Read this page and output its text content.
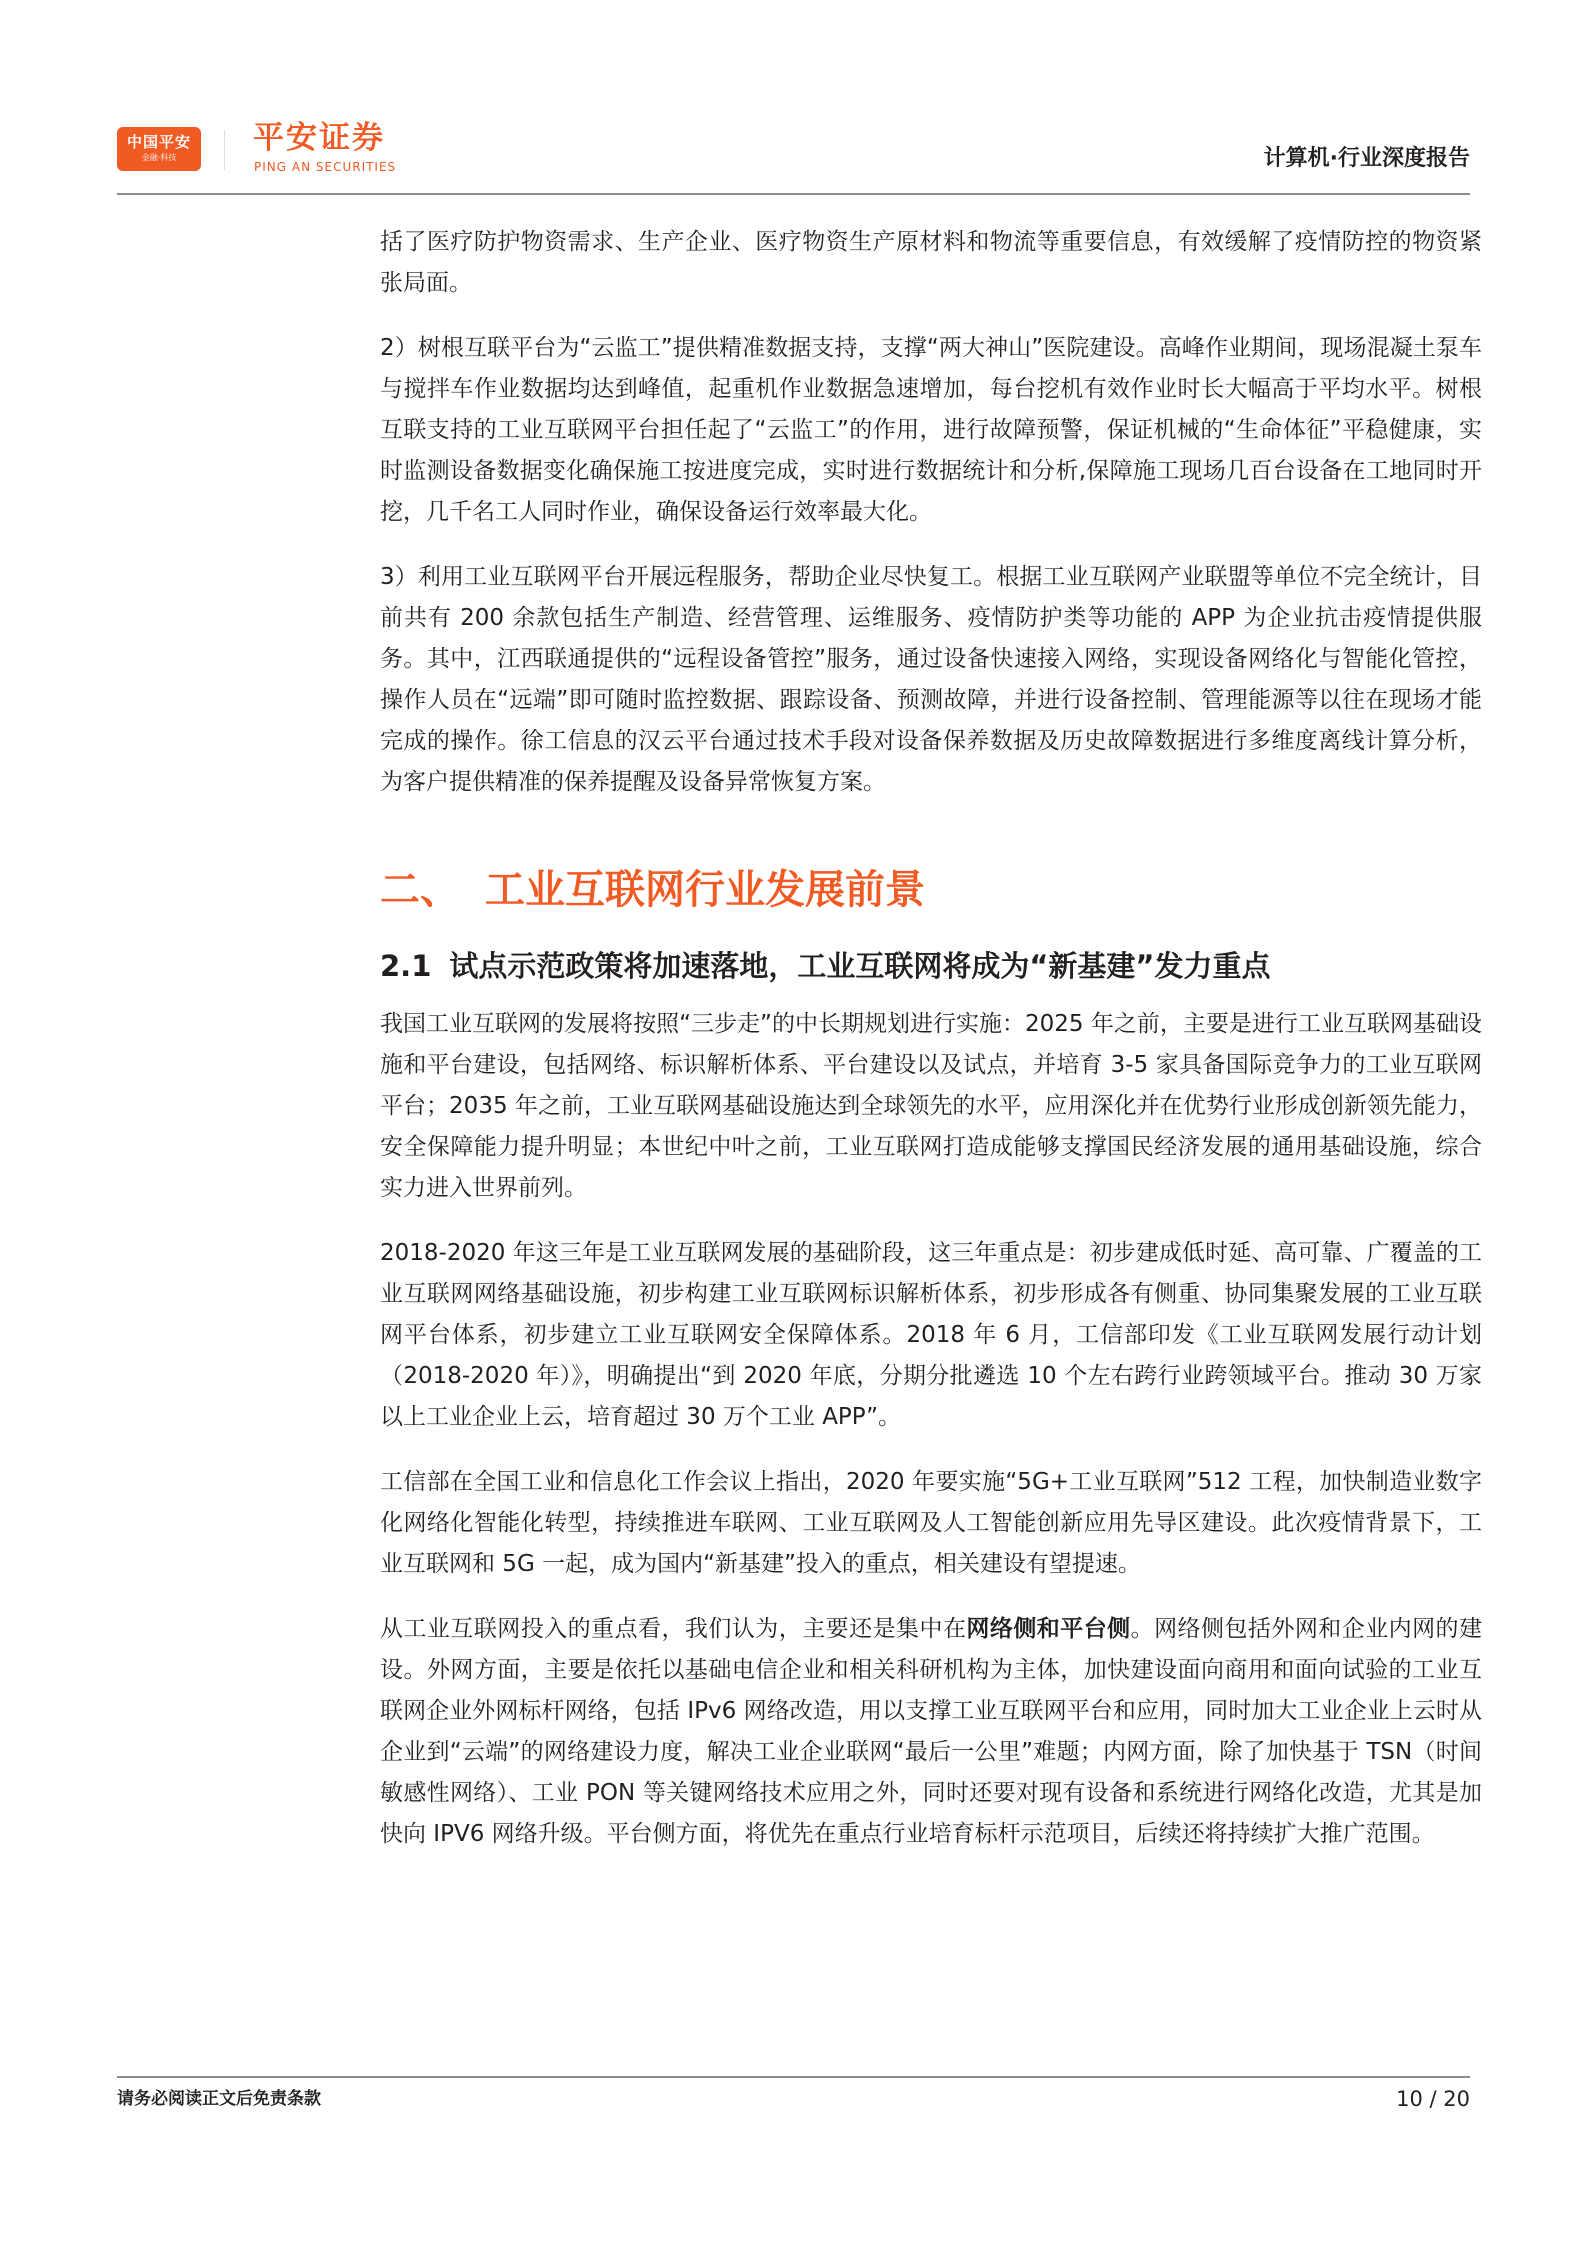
中国平安
金融·科技
平安证券
PING AN SECURITIES	计算机·行业深度报告

括了医疗防护物资需求、生产企业、医疗物资生产原材料和物流等重要信息，有效缓解了疫情防控的物资紧张局面。

2）树根互联平台为“云监工”提供精准数据支持，支撑“两大神山”医院建设。高峰作业期间，现场混凝土泵车与搅拌车作业数据均达到峰值，起重机作业数据急速增加，每台挖机有效作业时长大幅高于平均水平。树根互联支持的工业互联网平台担任起了“云监工”的作用，进行故障预警，保证机械的“生命体征”平稳健康，实时监测设备数据变化确保施工按进度完成，实时进行数据统计和分析,保障施工现场几百台设备在工地同时开挖，几千名工人同时作业，确保设备运行效率最大化。

3）利用工业互联网平台开展远程服务，帮助企业尽快复工。根据工业互联网产业联盟等单位不完全统计，目前共有 200 余款包括生产制造、经营管理、运维服务、疫情防护类等功能的 APP 为企业抗击疫情提供服务。其中，江西联通提供的“远程设备管控”服务，通过设备快速接入网络，实现设备网络化与智能化管控，操作人员在“远端”即可随时监控数据、跟踪设备、预测故障，并进行设备控制、管理能源等以往在现场才能完成的操作。徐工信息的汉云平台通过技术手段对设备保养数据及历史故障数据进行多维度离线计算分析，为客户提供精准的保养提醒及设备异常恢复方案。

二、 工业互联网行业发展前景
2.1 试点示范政策将加速落地，工业互联网将成为“新基建”发力重点

我国工业互联网的发展将按照“三步走”的中长期规划进行实施：2025 年之前，主要是进行工业互联网基础设施和平台建设，包括网络、标识解析体系、平台建设以及试点，并培育 3-5 家具备国际竞争力的工业互联网平台；2035 年之前，工业互联网基础设施达到全球领先的水平，应用深化并在优势行业形成创新领先能力，安全保障能力提升明显；本世纪中叶之前，工业互联网打造成能够支撑国民经济发展的通用基础设施，综合实力进入世界前列。

2018-2020 年这三年是工业互联网发展的基础阶段，这三年重点是：初步建成低时延、高可靠、广覆盖的工业互联网网络基础设施，初步构建工业互联网标识解析体系，初步形成各有侧重、协同集聚发展的工业互联网平台体系，初步建立工业互联网安全保障体系。2018 年 6 月，工信部印发《工业互联网发展行动计划（2018-2020 年）》，明确提出“到 2020 年底，分期分批遴选 10 个左右跨行业跨领域平台。推动 30 万家以上工业企业上云，培育超过 30 万个工业 APP”。

工信部在全国工业和信息化工作会议上指出，2020 年要实施“5G+工业互联网”512 工程，加快制造业数字化网络化智能化转型，持续推进车联网、工业互联网及人工智能创新应用先导区建设。此次疫情背景下，工业互联网和 5G 一起，成为国内“新基建”投入的重点，相关建设有望提速。

从工业互联网投入的重点看，我们认为，主要还是集中在网络侧和平台侧。网络侧包括外网和企业内网的建设。外网方面，主要是依托以基础电信企业和相关科研机构为主体，加快建设面向商用和面向试验的工业互联网企业外网标杆网络，包括 IPv6 网络改造，用以支撑工业互联网平台和应用，同时加大工业企业上云时从企业到“云端”的网络建设力度，解决工业企业联网“最后一公里”难题；内网方面，除了加快基于 TSN（时间敏感性网络）、工业 PON 等关键网络技术应用之外，同时还要对现有设备和系统进行网络化改造，尤其是加快向 IPV6 网络升级。平台侧方面，将优先在重点行业培育标杆示范项目，后续还将持续扩大推广范围。

请务必阅读正文后免责条款	10 / 20
